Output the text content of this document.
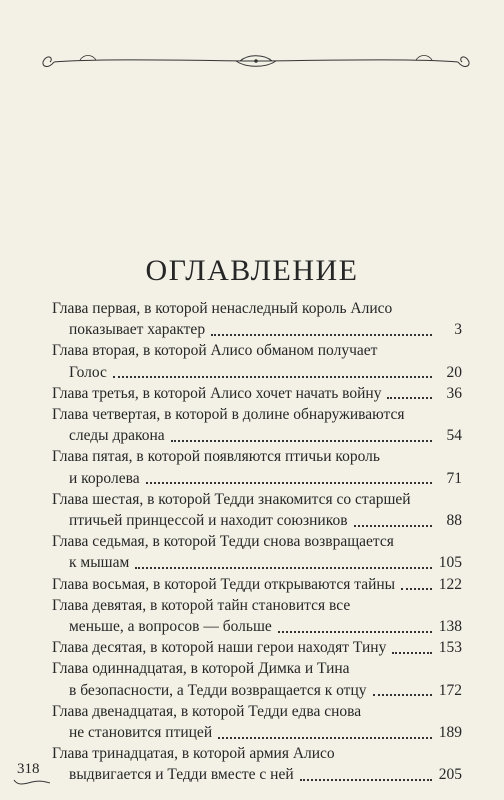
ОГЛАВЛЕНИЕ
Глава первая, в которой ненаследный король Алисо
показывает характер	3
Глава вторая, в которой Алисо обманом получает
Голос	20
Глава третья, в которой Алисо хочет начать войну	36
Глава четвертая, в которой в долине обнаруживаются
следы дракона	54
Глава пятая, в которой появляются птичьи король
и королева	71
Глава шестая, в которой Тедди знакомится со старшей
птичьей принцессой и находит союзников	88
Глава седьмая, в которой Тедди снова возвращается
к мышам	105
Глава восьмая, в которой Тедди открываются тайны	122
Глава девятая, в которой тайн становится все
меньше, а вопросов — больше	138
Глава десятая, в которой наши герои находят Тину	153
Глава одиннадцатая, в которой Димка и Тина
в безопасности, а Тедди возвращается к отцу	172
Глава двенадцатая, в которой Тедди едва снова
не становится птицей	189
Глава тринадцатая, в которой армия Алисо
выдвигается и Тедди вместе с ней	205
318
